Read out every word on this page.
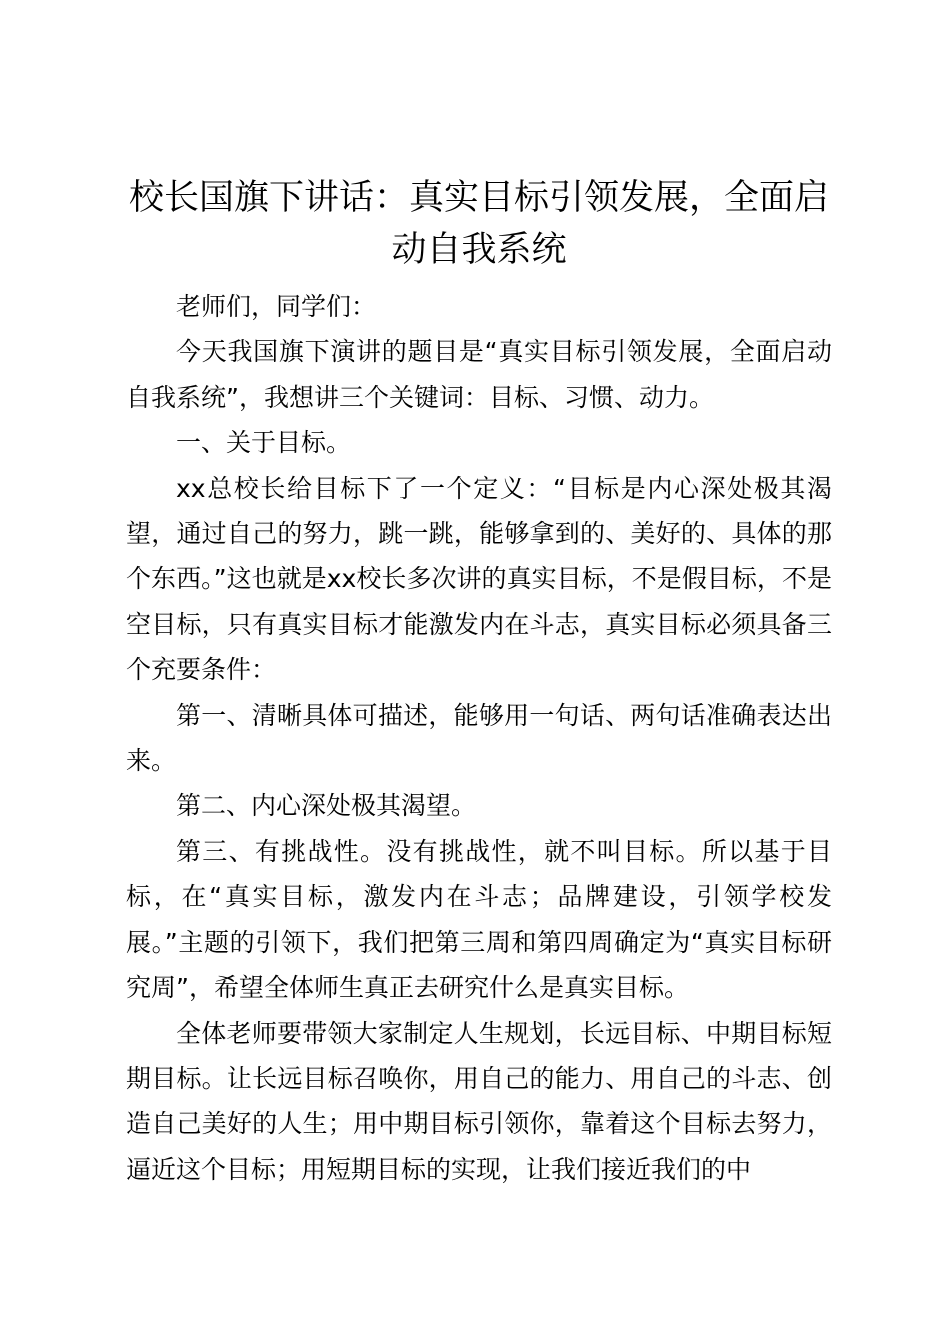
校长国旗下讲话：真实目标引领发展，全面启动自我系统

老师们，同学们：

今天我国旗下演讲的题目是“真实目标引领发展，全面启动自我系统”，我想讲三个关键词：目标、习惯、动力。

一、关于目标。

xx总校长给目标下了一个定义：“目标是内心深处极其渴望，通过自己的努力，跳一跳，能够拿到的、美好的、具体的那个东西。”这也就是xx校长多次讲的真实目标，不是假目标，不是空目标，只有真实目标才能激发内在斗志，真实目标必须具备三个充要条件：

第一、清晰具体可描述，能够用一句话、两句话准确表达出来。

第二、内心深处极其渴望。

第三、有挑战性。没有挑战性，就不叫目标。所以基于目标，在“真实目标，激发内在斗志；品牌建设，引领学校发展。”主题的引领下，我们把第三周和第四周确定为“真实目标研究周”，希望全体师生真正去研究什么是真实目标。

全体老师要带领大家制定人生规划，长远目标、中期目标短期目标。让长远目标召唤你，用自己的能力、用自己的斗志、创造自己美好的人生；用中期目标引领你，靠着这个目标去努力，逼近这个目标；用短期目标的实现，让我们接近我们的中
